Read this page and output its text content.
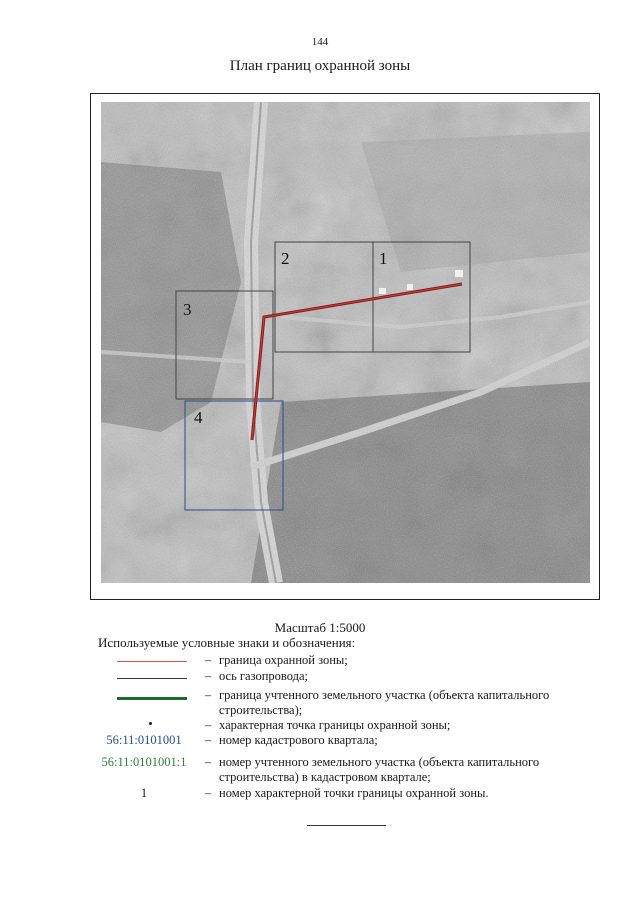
144
План границ охранной зоны
1
2
3
4
Масштаб 1:5000
Используемые условные знаки и обозначения:
– граница охранной зоны;
– ось газопровода;
– граница учтенного земельного участка (объекта капитального строительства);
– характерная точка границы охранной зоны;
56:11:0101001	– номер кадастрового квартала;
56:11:0101001:1	– номер учтенного земельного участка (объекта капитального строительства) в кадастровом квартале;
1	– номер характерной точки границы охранной зоны.
